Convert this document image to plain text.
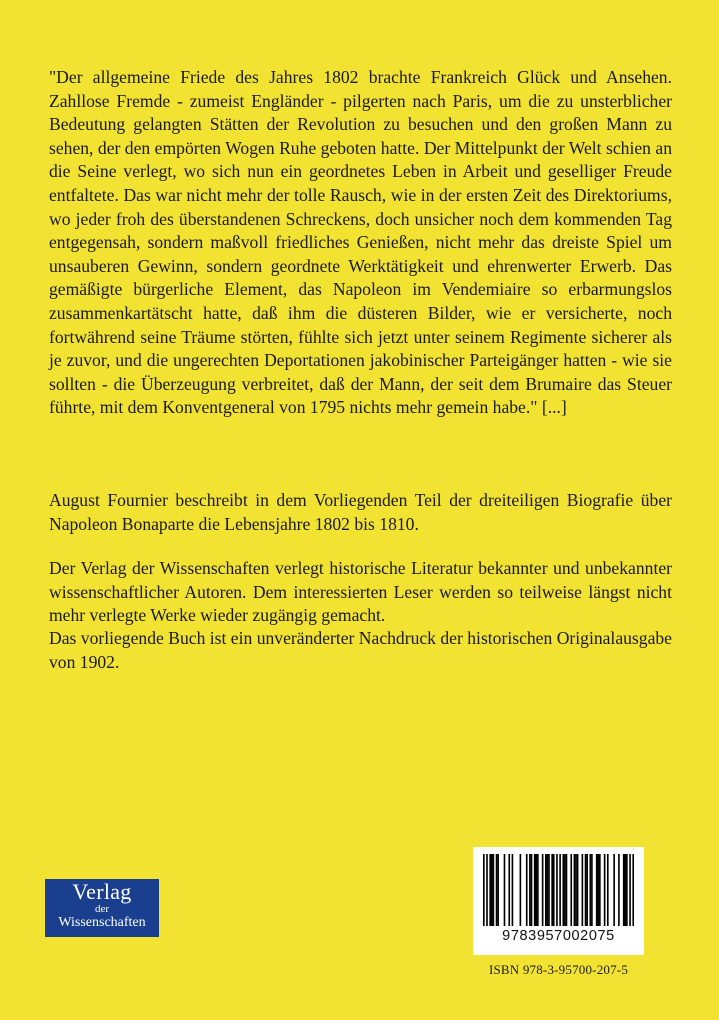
"Der allgemeine Friede des Jahres 1802 brachte Frankreich Glück und Ansehen. Zahllose Fremde - zumeist Engländer - pilgerten nach Paris, um die zu unsterblicher Bedeutung gelangten Stätten der Revolution zu besuchen und den großen Mann zu sehen, der den empörten Wogen Ruhe geboten hatte. Der Mittelpunkt der Welt schien an die Seine verlegt, wo sich nun ein geordnetes Leben in Arbeit und geselliger Freude entfaltete. Das war nicht mehr der tolle Rausch, wie in der ersten Zeit des Direktoriums, wo jeder froh des überstandenen Schreckens, doch unsicher noch dem kommenden Tag entgegensah, sondern maßvoll friedliches Genießen, nicht mehr das dreiste Spiel um unsauberen Gewinn, sondern geordnete Werktätigkeit und ehrenwerter Erwerb. Das gemäßigte bürgerliche Element, das Napoleon im Vendemiaire so erbarmungslos zusammenkartätscht hatte, daß ihm die düsteren Bilder, wie er versicherte, noch fortwährend seine Träume störten, fühlte sich jetzt unter seinem Regimente sicherer als je zuvor, und die ungerechten Deportationen jakobinischer Parteigänger hatten - wie sie sollten - die Überzeugung verbreitet, daß der Mann, der seit dem Brumaire das Steuer führte, mit dem Konventgeneral von 1795 nichts mehr gemein habe." [...]

August Fournier beschreibt in dem Vorliegenden Teil der dreiteiligen Biografie über Napoleon Bonaparte die Lebensjahre 1802 bis 1810.

Der Verlag der Wissenschaften verlegt historische Literatur bekannter und unbekannter wissenschaftlicher Autoren. Dem interessierten Leser werden so teilweise längst nicht mehr verlegte Werke wieder zugängig gemacht.

Das vorliegende Buch ist ein unveränderter Nachdruck der historischen Originalausgabe von 1902.

Verlag
der
Wissenschaften
9783957002075
ISBN 978-3-95700-207-5
